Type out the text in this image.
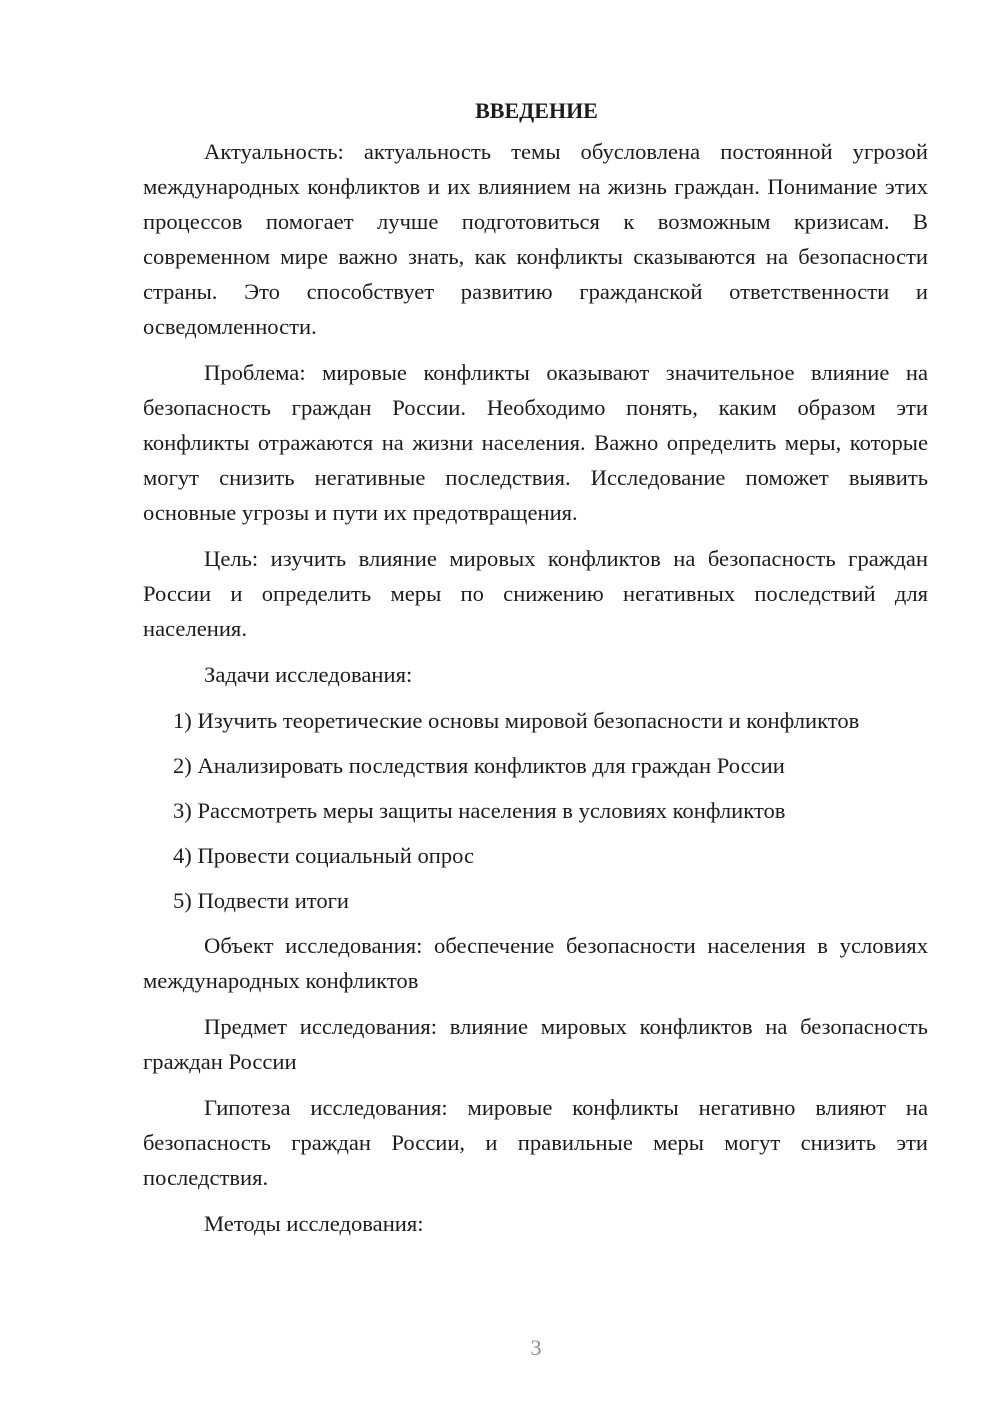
ВВЕДЕНИЕ

Актуальность: актуальность темы обусловлена постоянной угрозой международных конфликтов и их влиянием на жизнь граждан. Понимание этих процессов помогает лучше подготовиться к возможным кризисам. В современном мире важно знать, как конфликты сказываются на безопасности страны. Это способствует развитию гражданской ответственности и осведомленности.

Проблема: мировые конфликты оказывают значительное влияние на безопасность граждан России. Необходимо понять, каким образом эти конфликты отражаются на жизни населения. Важно определить меры, которые могут снизить негативные последствия. Исследование поможет выявить основные угрозы и пути их предотвращения.

Цель: изучить влияние мировых конфликтов на безопасность граждан России и определить меры по снижению негативных последствий для населения.

Задачи исследования:

1) Изучить теоретические основы мировой безопасности и конфликтов

2) Анализировать последствия конфликтов для граждан России

3) Рассмотреть меры защиты населения в условиях конфликтов

4) Провести социальный опрос

5) Подвести итоги

Объект исследования: обеспечение безопасности населения в условиях международных конфликтов

Предмет исследования: влияние мировых конфликтов на безопасность граждан России

Гипотеза исследования: мировые конфликты негативно влияют на безопасность граждан России, и правильные меры могут снизить эти последствия.

Методы исследования:

3
